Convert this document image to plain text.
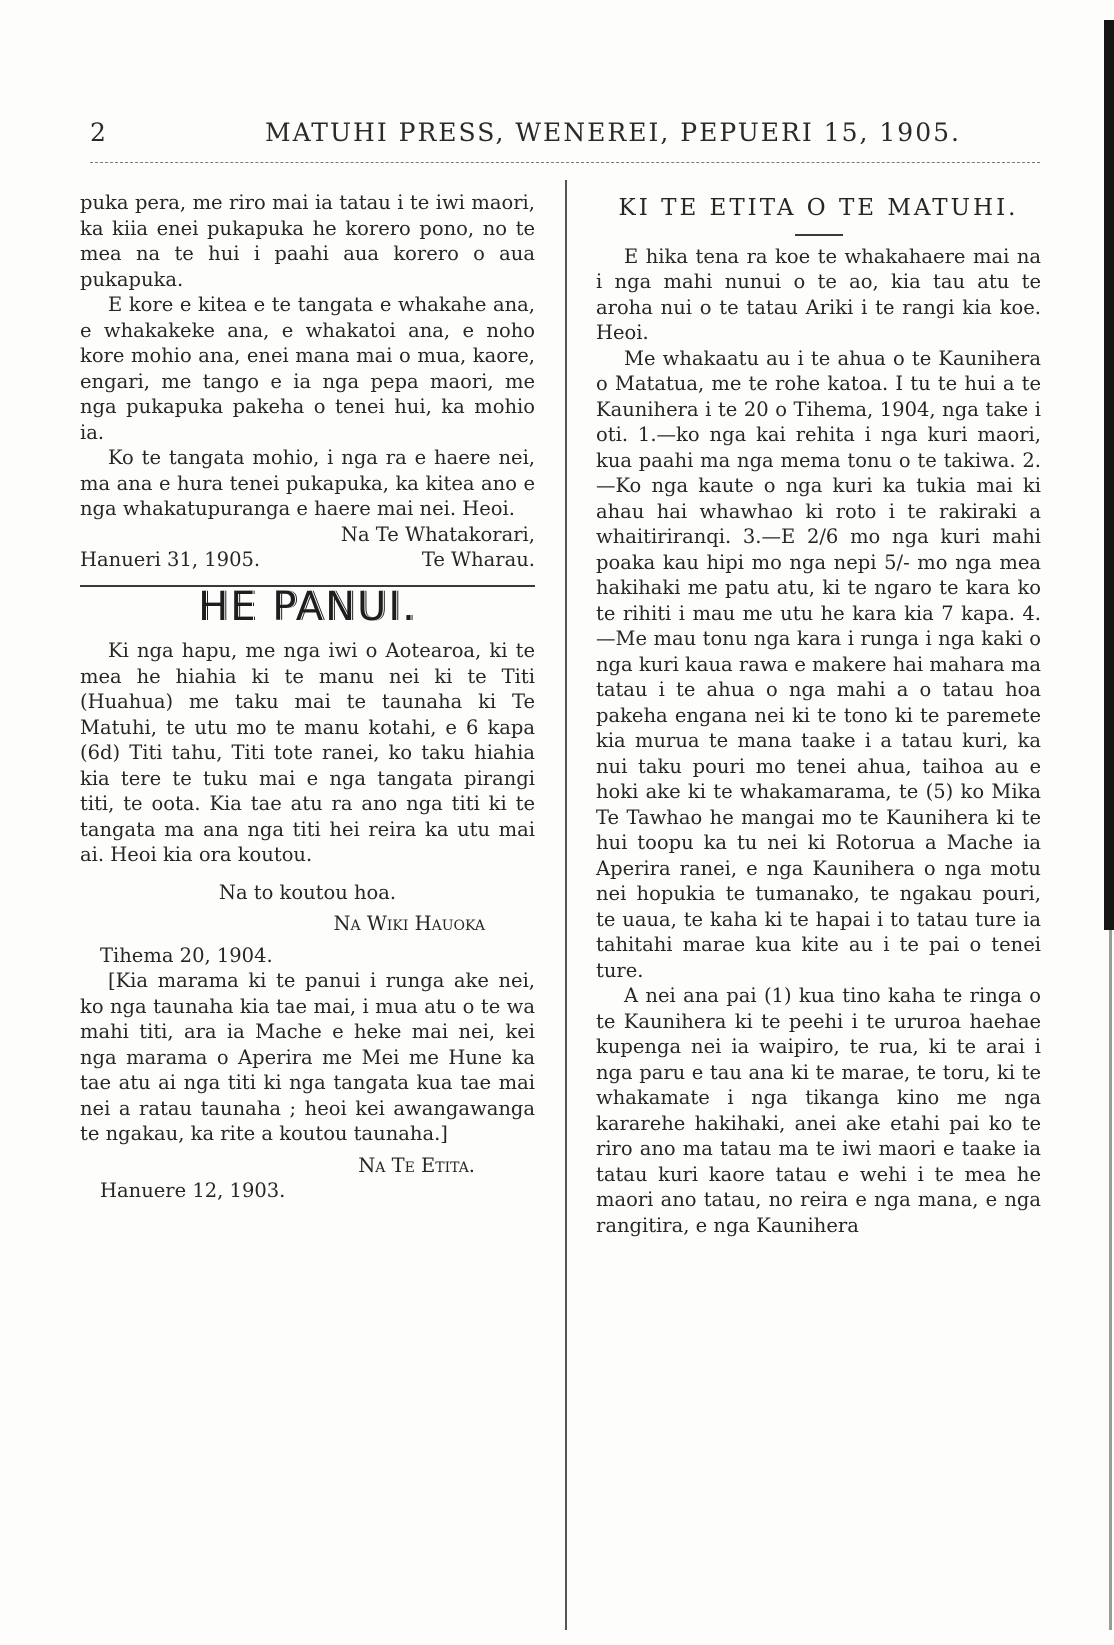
2	MATUHI PRESS, WENEREI, PEPUERI 15, 1905.

puka pera, me riro mai ia tatau i te iwi maori, ka kiia enei pukapuka he korero pono, no te mea na te hui i paahi aua korero o aua pukapuka.

E kore e kitea e te tangata e whakahe ana, e whakakeke ana, e whakatoi ana, e noho kore mohio ana, enei mana mai o mua, kaore, engari, me tango e ia nga pepa maori, me nga pukapuka pakeha o tenei hui, ka mohio ia.

Ko te tangata mohio, i nga ra e haere nei, ma ana e hura tenei pukapuka, ka kitea ano e nga whakatupuranga e haere mai nei. Heoi.

Na Te Whatakorari,

Hanueri 31, 1905.	Te Wharau.
HE PANUI.

Ki nga hapu, me nga iwi o Aotearoa, ki te mea he hiahia ki te manu nei ki te Titi (Huahua) me taku mai te taunaha ki Te Matuhi, te utu mo te manu kotahi, e 6 kapa (6d) Titi tahu, Titi tote ranei, ko taku hiahia kia tere te tuku mai e nga tangata pirangi titi, te oota. Kia tae atu ra ano nga titi ki te tangata ma ana nga titi hei reira ka utu mai ai. Heoi kia ora koutou.

Na to koutou hoa.

Na Wiki Hauoka

Tihema 20, 1904.

[Kia marama ki te panui i runga ake nei, ko nga taunaha kia tae mai, i mua atu o te wa mahi titi, ara ia Mache e heke mai nei, kei nga marama o Aperira me Mei me Hune ka tae atu ai nga titi ki nga tangata kua tae mai nei a ratau taunaha ; heoi kei awangawanga te ngakau, ka rite a koutou taunaha.]

Na Te Etita.

Hanuere 12, 1903.

KI TE ETITA O TE MATUHI.

E hika tena ra koe te whakahaere mai na i nga mahi nunui o te ao, kia tau atu te aroha nui o te tatau Ariki i te rangi kia koe. Heoi.

Me whakaatu au i te ahua o te Kaunihera o Matatua, me te rohe katoa. I tu te hui a te Kaunihera i te 20 o Tihema, 1904, nga take i oti. 1.—ko nga kai rehita i nga kuri maori, kua paahi ma nga mema tonu o te takiwa. 2.—Ko nga kaute o nga kuri ka tukia mai ki ahau hai whawhao ki roto i te rakiraki a whaitiriranqi. 3.—E 2/6 mo nga kuri mahi poaka kau hipi mo nga nepi 5/- mo nga mea hakihaki me patu atu, ki te ngaro te kara ko te rihiti i mau me utu he kara kia 7 kapa. 4.—Me mau tonu nga kara i runga i nga kaki o nga kuri kaua rawa e makere hai mahara ma tatau i te ahua o nga mahi a o tatau hoa pakeha engana nei ki te tono ki te paremete kia murua te mana taake i a tatau kuri, ka nui taku pouri mo tenei ahua, taihoa au e hoki ake ki te whakamarama, te (5) ko Mika Te Tawhao he mangai mo te Kaunihera ki te hui toopu ka tu nei ki Rotorua a Mache ia Aperira ranei, e nga Kaunihera o nga motu nei hopukia te tumanako, te ngakau pouri, te uaua, te kaha ki te hapai i to tatau ture ia tahitahi marae kua kite au i te pai o tenei ture.

A nei ana pai (1) kua tino kaha te ringa o te Kaunihera ki te peehi i te ururoa haehae kupenga nei ia waipiro, te rua, ki te arai i nga paru e tau ana ki te marae, te toru, ki te whakamate i nga tikanga kino me nga kararehe hakihaki, anei ake etahi pai ko te riro ano ma tatau ma te iwi maori e taake ia tatau kuri kaore tatau e wehi i te mea he maori ano tatau, no reira e nga mana, e nga rangitira, e nga Kaunihera
